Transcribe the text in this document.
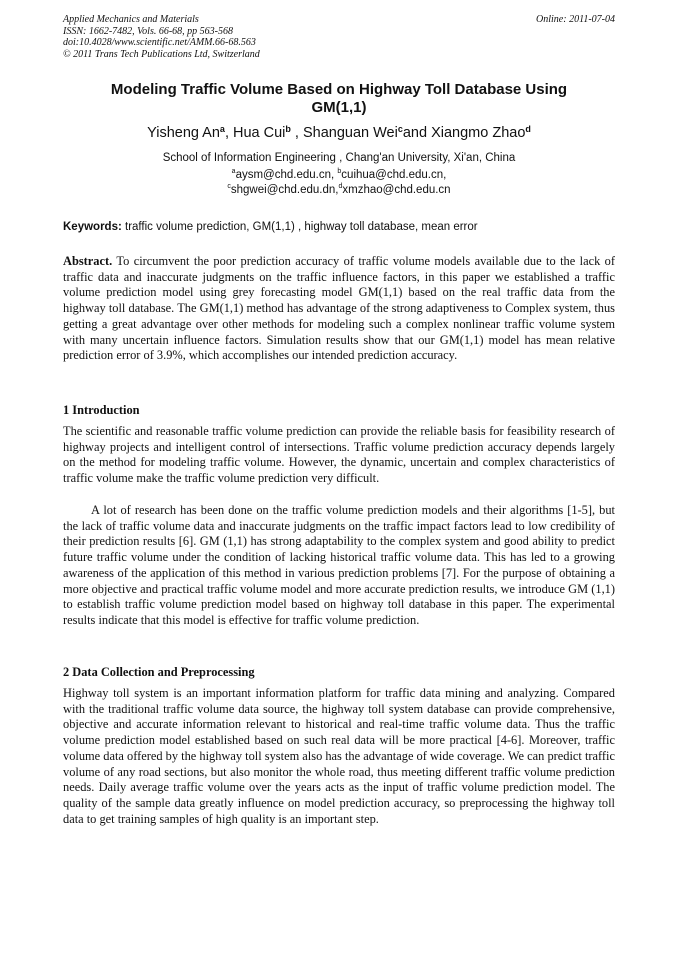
Applied Mechanics and Materials
ISSN: 1662-7482, Vols. 66-68, pp 563-568
doi:10.4028/www.scientific.net/AMM.66-68.563
© 2011 Trans Tech Publications Ltd, Switzerland
Online: 2011-07-04
Modeling Traffic Volume Based on Highway Toll Database Using
GM(1,1)
Yisheng An$^a$, Hua Cui$^b$ , Shanguan Wei$^c$and Xiangmo Zhao$^d$
School of Information Engineering , Chang'an University, Xi'an, China
$^a$aysm@chd.edu.cn, $^b$cuihua@chd.edu.cn,
$^c$shgwei@chd.edu.dn,$^d$xmzhao@chd.edu.cn
Keywords: traffic volume prediction, GM(1,1) , highway toll database, mean error
Abstract. To circumvent the poor prediction accuracy of traffic volume models available due to the lack of traffic data and inaccurate judgments on the traffic influence factors, in this paper we established a traffic volume prediction model using grey forecasting model GM(1,1) based on the real traffic data from the highway toll database. The GM(1,1) method has advantage of the strong adaptiveness to Complex system, thus getting a great advantage over other methods for modeling such a complex nonlinear traffic volume system with many uncertain influence factors. Simulation results show that our GM(1,1) model has mean relative prediction error of 3.9%, which accomplishes our intended prediction accuracy.
1 Introduction
The scientific and reasonable traffic volume prediction can provide the reliable basis for feasibility research of highway projects and intelligent control of intersections. Traffic volume prediction accuracy depends largely on the method for modeling traffic volume. However, the dynamic, uncertain and complex characteristics of traffic volume make the traffic volume prediction very difficult.
A lot of research has been done on the traffic volume prediction models and their algorithms [1-5], but the lack of traffic volume data and inaccurate judgments on the traffic impact factors lead to low credibility of their prediction results [6]. GM (1,1) has strong adaptability to the complex system and good ability to predict future traffic volume under the condition of lacking historical traffic volume data. This has led to a growing awareness of the application of this method in various prediction problems [7]. For the purpose of obtaining a more objective and practical traffic volume model and more accurate prediction results, we introduce GM (1,1) to establish traffic volume prediction model based on highway toll database in this paper. The experimental results indicate that this model is effective for traffic volume prediction.
2 Data Collection and Preprocessing
Highway toll system is an important information platform for traffic data mining and analyzing. Compared with the traditional traffic volume data source, the highway toll system database can provide comprehensive, objective and accurate information relevant to historical and real-time traffic volume data. Thus the traffic volume prediction model established based on such real data will be more practical [4-6]. Moreover, traffic volume data offered by the highway toll system also has the advantage of wide coverage. We can predict traffic volume of any road sections, but also monitor the whole road, thus meeting different traffic volume prediction needs. Daily average traffic volume over the years acts as the input of traffic volume prediction model. The quality of the sample data greatly influence on model prediction accuracy, so preprocessing the highway toll data to get training samples of high quality is an important step.
